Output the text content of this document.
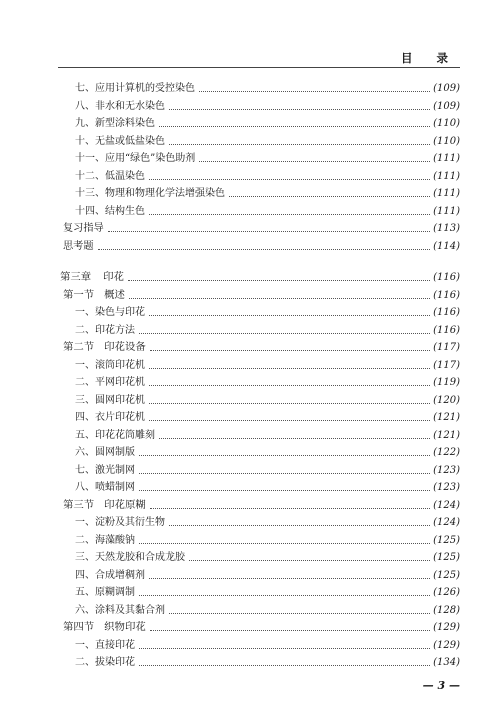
目 录
七、应用计算机的受控染色	(109)
八、非水和无水染色	(109)
九、新型涂料染色	(110)
十、无盐或低盐染色	(110)
十一、应用“绿色”染色助剂	(111)
十二、低温染色	(111)
十三、物理和物理化学法增强染色	(111)
十四、结构生色	(111)
复习指导	(113)
思考题	(114)
第三章 印花	(116)
第一节 概述	(116)
一、染色与印花	(116)
二、印花方法	(116)
第二节 印花设备	(117)
一、滚筒印花机	(117)
二、平网印花机	(119)
三、圆网印花机	(120)
四、衣片印花机	(121)
五、印花花筒雕刻	(121)
六、圆网制版	(122)
七、激光制网	(123)
八、喷蜡制网	(123)
第三节 印花原糊	(124)
一、淀粉及其衍生物	(124)
二、海藻酸钠	(125)
三、天然龙胶和合成龙胶	(125)
四、合成增稠剂	(125)
五、原糊调制	(126)
六、涂料及其黏合剂	(128)
第四节 织物印花	(129)
一、直接印花	(129)
二、拔染印花	(134)
— 3 —
